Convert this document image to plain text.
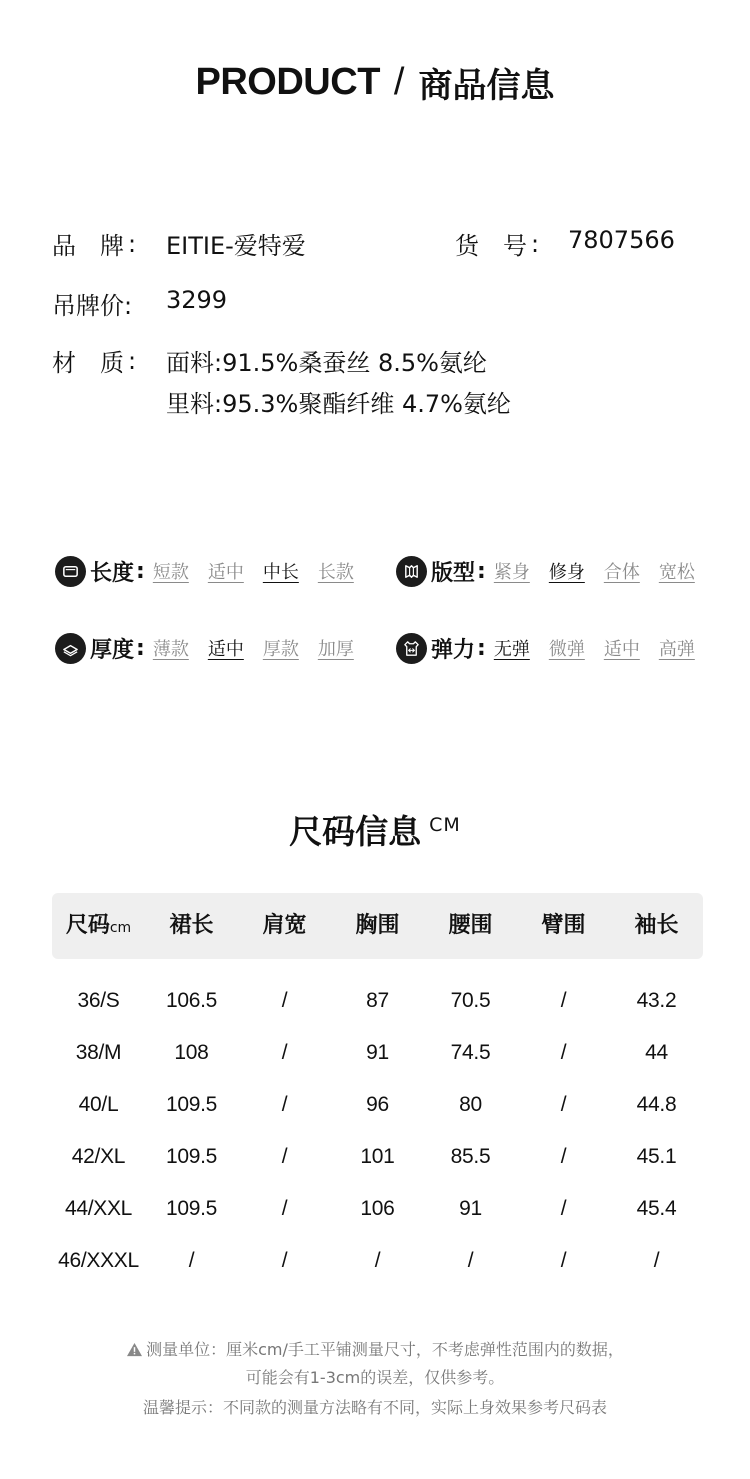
PRODUCT / 商品信息
品 牌 : EITIE-爱特爱	货 号 : 7807566
吊牌价: 3299
材 质 : 面料:91.5%桑蚕丝 8.5%氨纶
里料:95.3%聚酯纤维 4.7%氨纶
长度 : 短款 适中 中长 长款	版型 : 紧身 修身 合体 宽松
厚度 : 薄款 适中 厚款 加厚	弹力 : 无弹 微弹 适中 高弹
尺码信息 CM
尺码cm	裙长	肩宽	胸围	腰围	臂围	袖长
36/S	106.5	/	87	70.5	/	43.2
38/M	108	/	91	74.5	/	44
40/L	109.5	/	96	80	/	44.8
42/XL	109.5	/	101	85.5	/	45.1
44/XXL	109.5	/	106	91	/	45.4
46/XXXL	/	/	/	/	/	/
测量单位：厘米cm/手工平铺测量尺寸，不考虑弹性范围内的数据，
可能会有1-3cm的误差，仅供参考。
温馨提示：不同款的测量方法略有不同，实际上身效果参考尺码表
